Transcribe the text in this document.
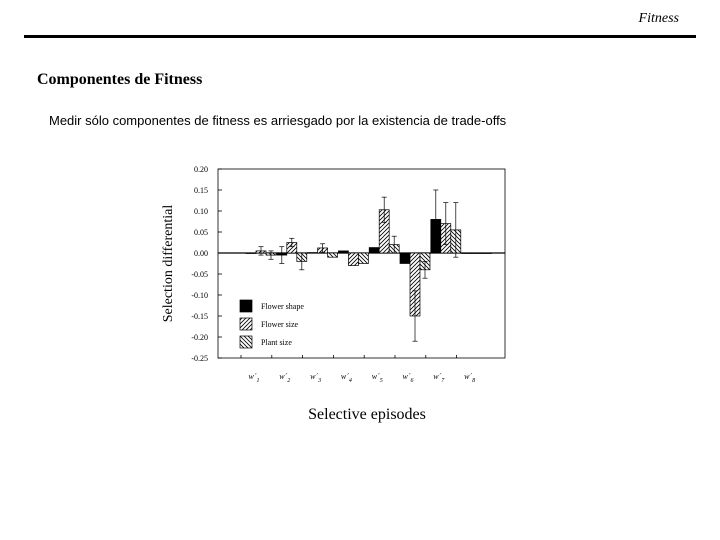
Fitness
Componentes de Fitness
Medir sólo componentes de fitness es arriesgado por la existencia de trade-offs
0.20
0.15
0.10
0.05
0.00
-0.05
-0.10
-0.15
-0.20
-0.25
Selection differential
Selective episodes
$w´_1$ $w´_2$ $w´_3$ $w´_4$ $w´_5$ $w´_6$ $w´_7$ $w´_8$
Flower shape
Flower size
Plant size
